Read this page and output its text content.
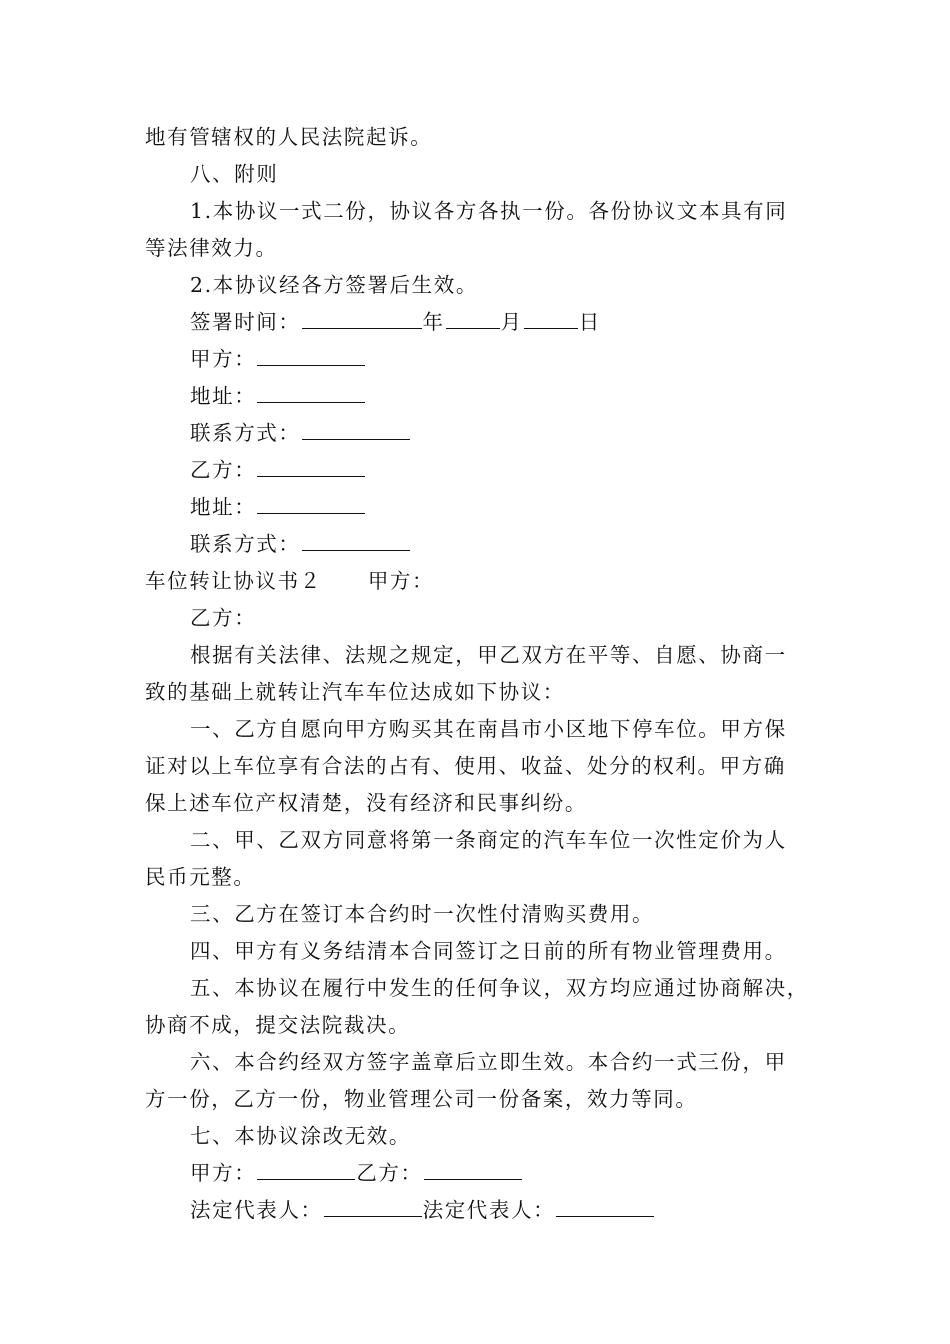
地有管辖权的人民法院起诉。
八、附则
1.本协议一式二份，协议各方各执一份。各份协议文本具有同
等法律效力。
2.本协议经各方签署后生效。
签署时间：	年	月	日
甲方：
地址：
联系方式：
乙方：
地址：
联系方式：
车位转让协议书２ 甲方：
乙方：
根据有关法律、法规之规定，甲乙双方在平等、自愿、协商一
致的基础上就转让汽车车位达成如下协议：
一、乙方自愿向甲方购买其在南昌市小区地下停车位。甲方保
证对以上车位享有合法的占有、使用、收益、处分的权利。甲方确
保上述车位产权清楚，没有经济和民事纠纷。
二、甲、乙双方同意将第一条商定的汽车车位一次性定价为人
民币元整。
三、乙方在签订本合约时一次性付清购买费用。
四、甲方有义务结清本合同签订之日前的所有物业管理费用。
五、本协议在履行中发生的任何争议，双方均应通过协商解决，
协商不成，提交法院裁决。
六、本合约经双方签字盖章后立即生效。本合约一式三份，甲
方一份，乙方一份，物业管理公司一份备案，效力等同。
七、本协议涂改无效。
甲方：	乙方：
法定代表人：	法定代表人：
